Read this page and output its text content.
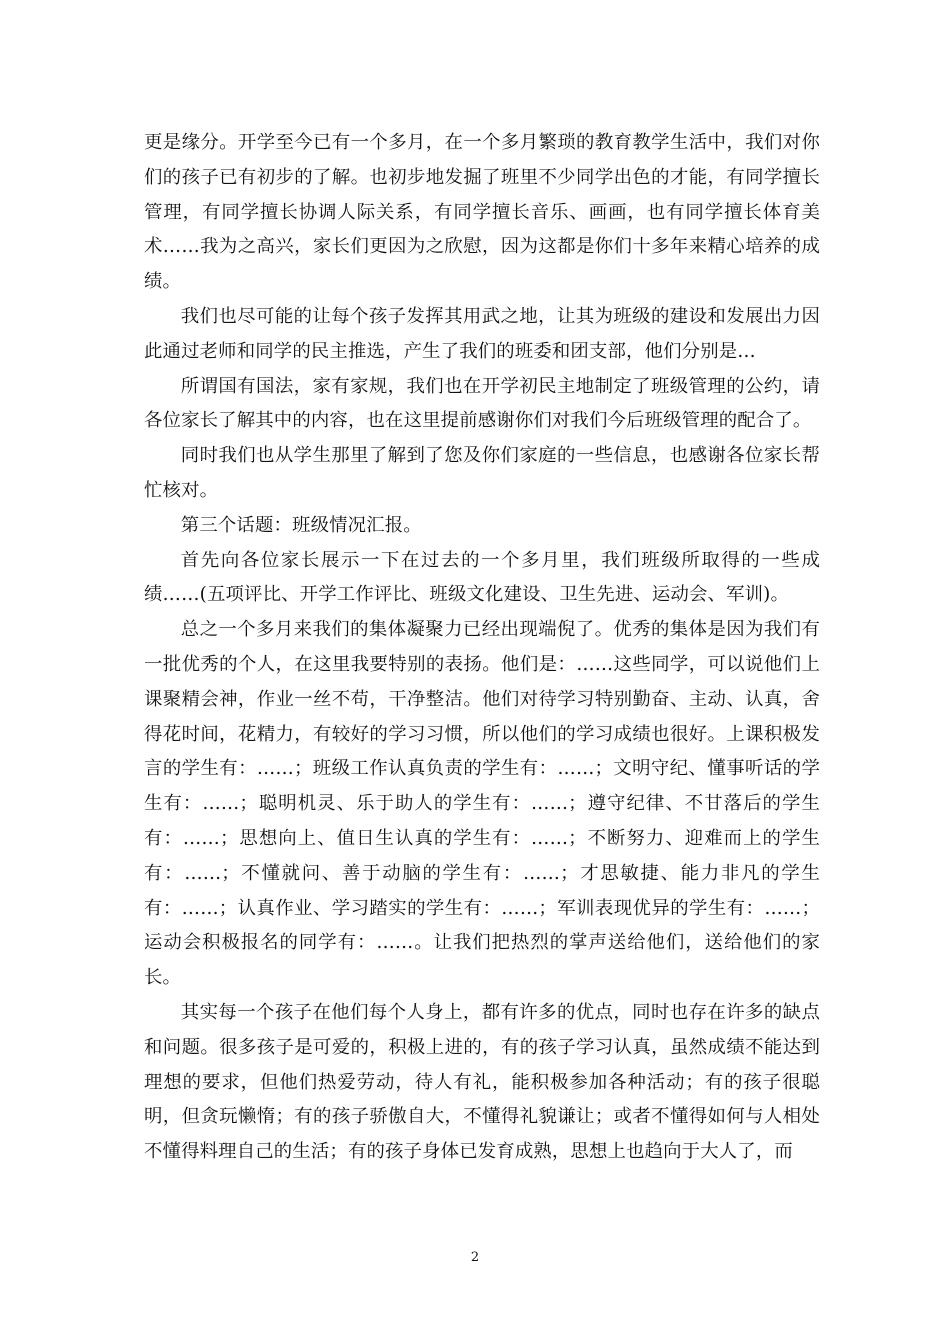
更是缘分。开学至今已有一个多月，在一个多月繁琐的教育教学生活中，我们对你们的孩子已有初步的了解。也初步地发掘了班里不少同学出色的才能，有同学擅长管理，有同学擅长协调人际关系，有同学擅长音乐、画画，也有同学擅长体育美术……我为之高兴，家长们更因为之欣慰，因为这都是你们十多年来精心培养的成绩。

我们也尽可能的让每个孩子发挥其用武之地，让其为班级的建设和发展出力因此通过老师和同学的民主推选，产生了我们的班委和团支部，他们分别是…

所谓国有国法，家有家规，我们也在开学初民主地制定了班级管理的公约，请各位家长了解其中的内容，也在这里提前感谢你们对我们今后班级管理的配合了。

同时我们也从学生那里了解到了您及你们家庭的一些信息，也感谢各位家长帮忙核对。

第三个话题：班级情况汇报。

首先向各位家长展示一下在过去的一个多月里，我们班级所取得的一些成绩……(五项评比、开学工作评比、班级文化建设、卫生先进、运动会、军训)。

总之一个多月来我们的集体凝聚力已经出现端倪了。优秀的集体是因为我们有一批优秀的个人，在这里我要特别的表扬。他们是：……这些同学，可以说他们上课聚精会神，作业一丝不苟，干净整洁。他们对待学习特别勤奋、主动、认真，舍得花时间，花精力，有较好的学习习惯，所以他们的学习成绩也很好。上课积极发言的学生有：……；班级工作认真负责的学生有：……；文明守纪、懂事听话的学生有：……；聪明机灵、乐于助人的学生有：……；遵守纪律、不甘落后的学生有：……；思想向上、值日生认真的学生有：……；不断努力、迎难而上的学生有：……；不懂就问、善于动脑的学生有：……；才思敏捷、能力非凡的学生有：……；认真作业、学习踏实的学生有：……；军训表现优异的学生有：……；运动会积极报名的同学有：……。让我们把热烈的掌声送给他们，送给他们的家长。

其实每一个孩子在他们每个人身上，都有许多的优点，同时也存在许多的缺点和问题。很多孩子是可爱的，积极上进的，有的孩子学习认真，虽然成绩不能达到理想的要求，但他们热爱劳动，待人有礼，能积极参加各种活动；有的孩子很聪明，但贪玩懒惰；有的孩子骄傲自大，不懂得礼貌谦让；或者不懂得如何与人相处不懂得料理自己的生活；有的孩子身体已发育成熟，思想上也趋向于大人了，而

2
